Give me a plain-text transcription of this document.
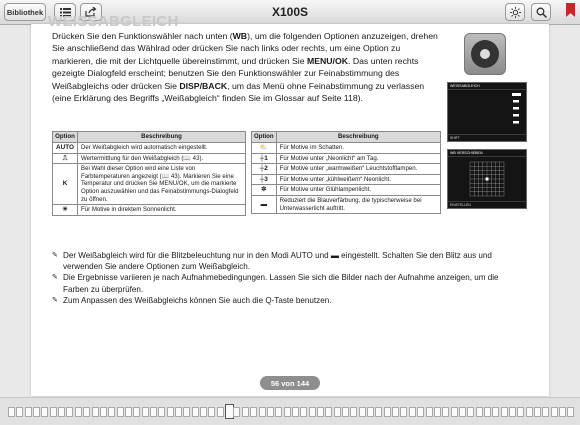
Bibliothek	X100S
WEISSABGLEICH
Drücken Sie den Funktionswähler nach unten (WB), um die folgenden Optionen anzuzeigen, drehen Sie anschließend das Wählrad oder drücken Sie nach links oder rechts, um eine Option zu markieren, die mit der Lichtquelle übereinstimmt, und drücken Sie MENU/OK. Das unten rechts gezeigte Dialogfeld erscheint; benutzen Sie den Funktionswähler zur Feinabstimmung des Weißabgleichs oder drücken Sie DISP/BACK, um das Menü ohne Feinabstimmung zu verlassen (eine Erklärung des Begriffs „Weißabgleich“ finden Sie im Glossar auf Seite 118).
WEISSABGLEICH
SHIFT
WB VERSCHIEBEN
EINSTELLEN
Option	Beschreibung
AUTO	Der Weißabgleich wird automatisch eingestellt.
⎍	Wertermittlung für den Weißabgleich (📖 43).
K	Bei Wahl dieser Option wird eine Liste von Farbtemperaturen angezeigt (📖 43). Markieren Sie eine Temperatur und drücken Sie MENU/OK, um die markierte Option auszuwählen und das Feinabstimmungs-Dialogfeld zu öffnen.
☀	Für Motive in direktem Sonnenlicht.
Option	Beschreibung
⛅	Für Motive im Schatten.
┼1	Für Motive unter „Neonlicht“ am Tag.
┼2	Für Motive unter „warmweißen“ Leuchtstofflampen.
┼3	Für Motive unter „kühlweißem“ Neonlicht.
✲	Für Motive unter Glühlampenlicht.
▬	Reduziert die Blauverfärbung, die typischerweise bei Unterwasserlicht auftritt.
✎ Der Weißabgleich wird für die Blitzbeleuchtung nur in den Modi AUTO und ▬ eingestellt. Schalten Sie den Blitz aus und verwenden Sie andere Optionen zum Weißabgleich.
✎ Die Ergebnisse variieren je nach Aufnahmebedingungen. Lassen Sie sich die Bilder nach der Aufnahme anzeigen, um die Farben zu überprüfen.
✎ Zum Anpassen des Weißabgleichs können Sie auch die Q-Taste benutzen.
56 von 144
